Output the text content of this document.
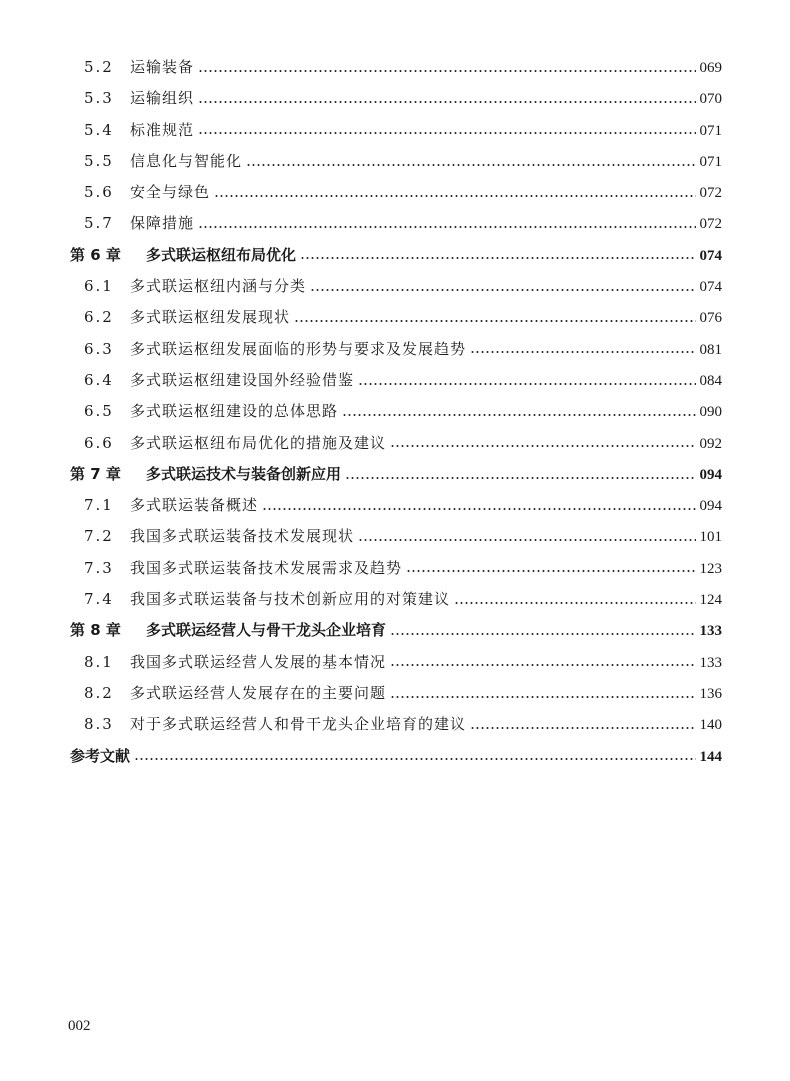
5.2	运输装备	069
5.3	运输组织	070
5.4	标准规范	071
5.5	信息化与智能化	071
5.6	安全与绿色	072
5.7	保障措施	072
第 6 章	多式联运枢纽布局优化	074
6.1	多式联运枢纽内涵与分类	074
6.2	多式联运枢纽发展现状	076
6.3	多式联运枢纽发展面临的形势与要求及发展趋势	081
6.4	多式联运枢纽建设国外经验借鉴	084
6.5	多式联运枢纽建设的总体思路	090
6.6	多式联运枢纽布局优化的措施及建议	092
第 7 章	多式联运技术与装备创新应用	094
7.1	多式联运装备概述	094
7.2	我国多式联运装备技术发展现状	101
7.3	我国多式联运装备技术发展需求及趋势	123
7.4	我国多式联运装备与技术创新应用的对策建议	124
第 8 章	多式联运经营人与骨干龙头企业培育	133
8.1	我国多式联运经营人发展的基本情况	133
8.2	多式联运经营人发展存在的主要问题	136
8.3	对于多式联运经营人和骨干龙头企业培育的建议	140
参考文献	144
002
